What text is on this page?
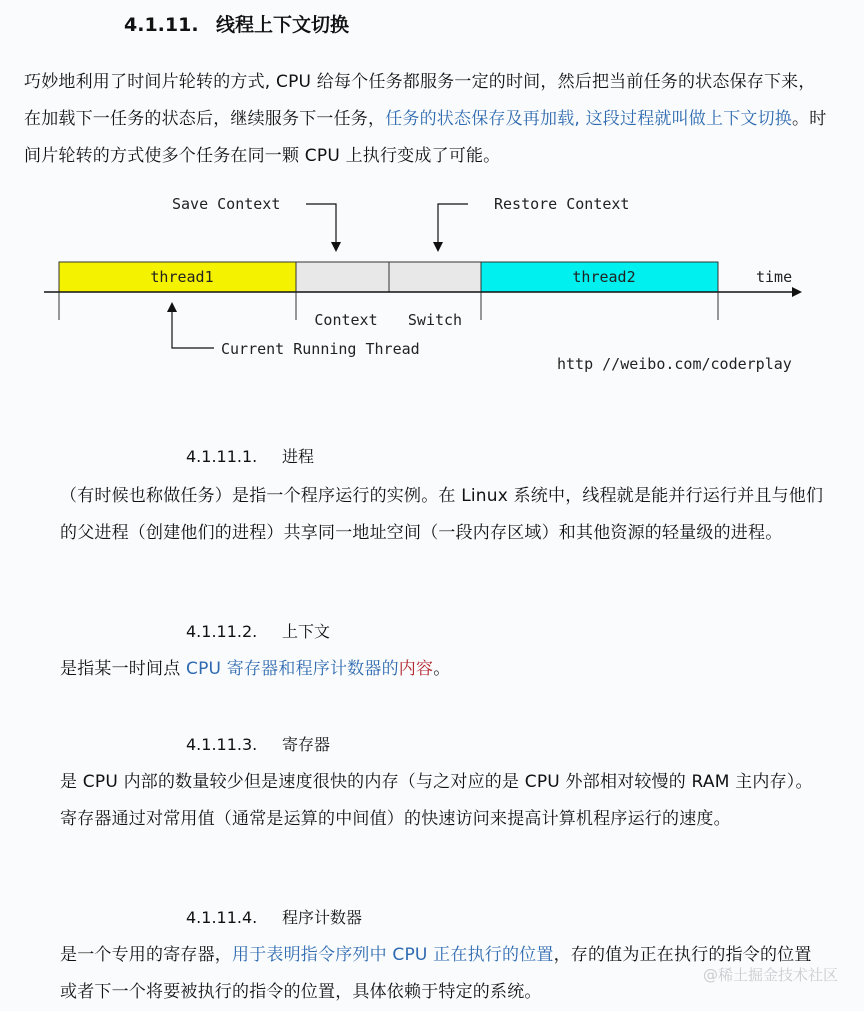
4.1.11. 线程上下文切换
巧妙地利用了时间片轮转的方式, CPU 给每个任务都服务一定的时间，然后把当前任务的状态保存下来，在加载下一任务的状态后，继续服务下一任务，任务的状态保存及再加载, 这段过程就叫做上下文切换。时间片轮转的方式使多个任务在同一颗 CPU 上执行变成了可能。
Save Context	Restore Context
thread1	thread2	time
Context Switch
Current Running Thread
http //weibo.com/coderplay
4.1.11.1. 进程
（有时候也称做任务）是指一个程序运行的实例。在 Linux 系统中，线程就是能并行运行并且与他们的父进程（创建他们的进程）共享同一地址空间（一段内存区域）和其他资源的轻量级的进程。
4.1.11.2. 上下文
是指某一时间点 CPU 寄存器和程序计数器的内容。
4.1.11.3. 寄存器
是 CPU 内部的数量较少但是速度很快的内存（与之对应的是 CPU 外部相对较慢的 RAM 主内存）。寄存器通过对常用值（通常是运算的中间值）的快速访问来提高计算机程序运行的速度。
4.1.11.4. 程序计数器
是一个专用的寄存器，用于表明指令序列中 CPU 正在执行的位置，存的值为正在执行的指令的位置或者下一个将要被执行的指令的位置，具体依赖于特定的系统。
@稀土掘金技术社区
